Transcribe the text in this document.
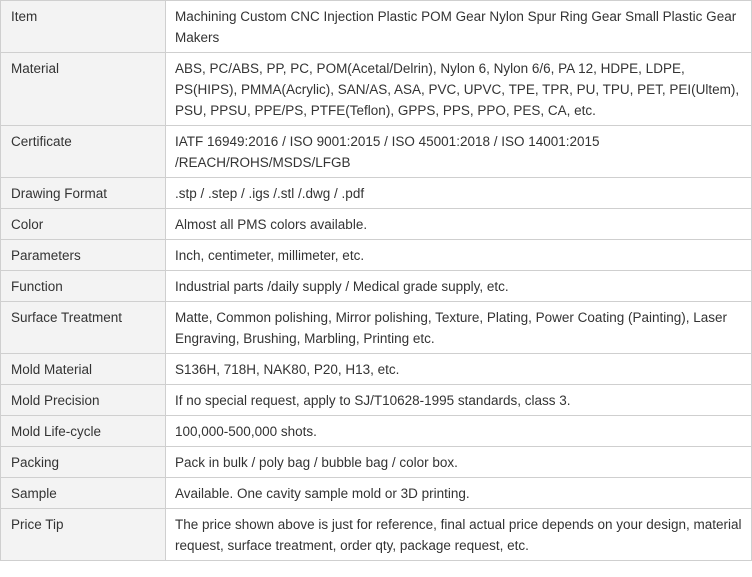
Item	Machining Custom CNC Injection Plastic POM Gear Nylon Spur Ring Gear Small Plastic Gear Makers
Material	ABS, PC/ABS, PP, PC, POM(Acetal/Delrin), Nylon 6, Nylon 6/6, PA 12, HDPE, LDPE, PS(HIPS), PMMA(Acrylic), SAN/AS, ASA, PVC, UPVC, TPE, TPR, PU, TPU, PET, PEI(Ultem), PSU, PPSU, PPE/PS, PTFE(Teflon), GPPS, PPS, PPO, PES, CA, etc.
Certificate	IATF 16949:2016 / ISO 9001:2015 / ISO 45001:2018 / ISO 14001:2015 /REACH/ROHS/MSDS/LFGB
Drawing Format	.stp / .step / .igs /.stl /.dwg / .pdf
Color	Almost all PMS colors available.
Parameters	Inch, centimeter, millimeter, etc.
Function	Industrial parts /daily supply / Medical grade supply, etc.
Surface Treatment	Matte, Common polishing, Mirror polishing, Texture, Plating, Power Coating (Painting), Laser Engraving, Brushing, Marbling, Printing etc.
Mold Material	S136H, 718H, NAK80, P20, H13, etc.
Mold Precision	If no special request, apply to SJ/T10628-1995 standards, class 3.
Mold Life-cycle	100,000-500,000 shots.
Packing	Pack in bulk / poly bag / bubble bag / color box.
Sample	Available. One cavity sample mold or 3D printing.
Price Tip	The price shown above is just for reference, final actual price depends on your design, material request, surface treatment, order qty, package request, etc.
